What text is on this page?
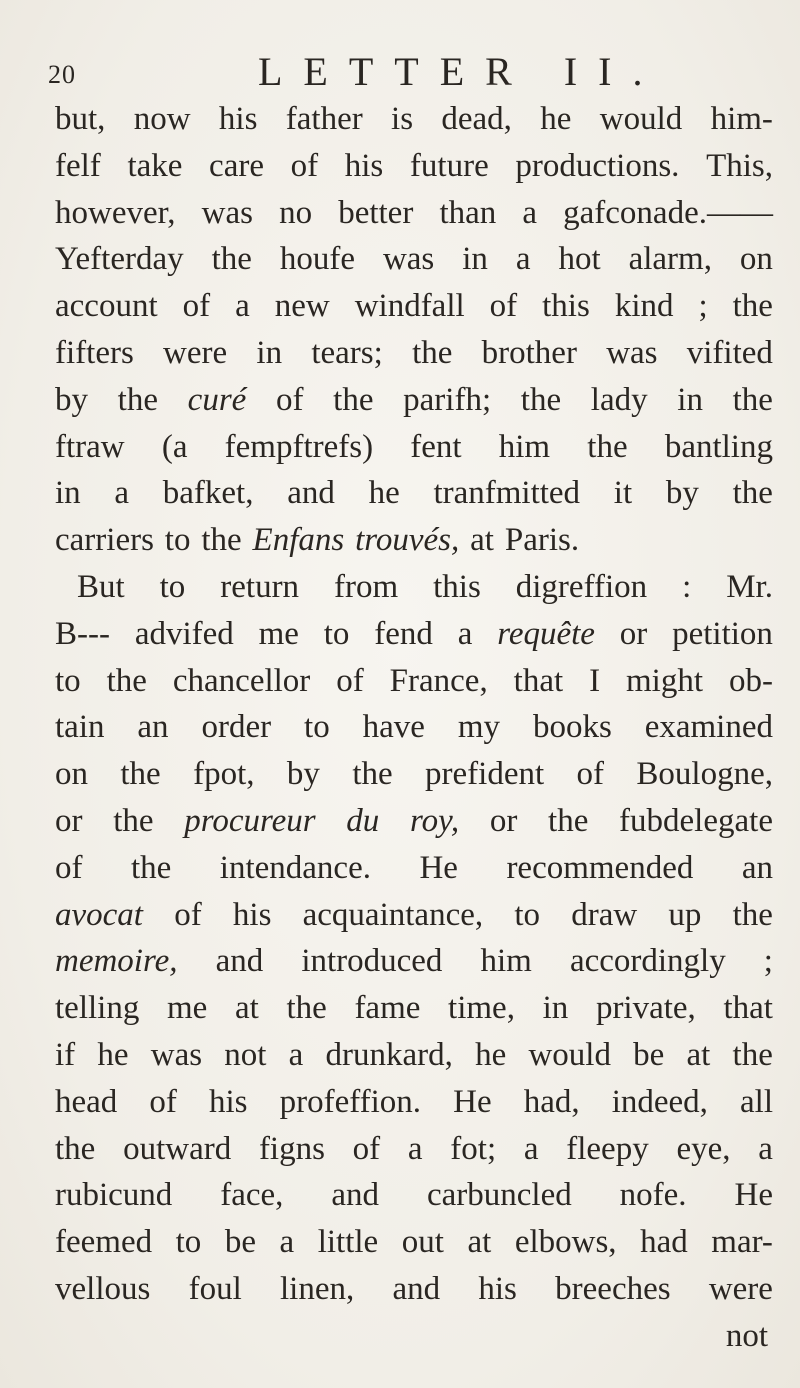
20	LETTER II.
but, now his father is dead, he would him-
felf take care of his future productions. This,
however, was no better than a gafconade.——
Yefterday the houfe was in a hot alarm, on
account of a new windfall of this kind ; the
fifters were in tears; the brother was vifited
by the curé of the parifh; the lady in the
ftraw (a fempftrefs) fent him the bantling
in a bafket, and he tranfmitted it by the
carriers to the Enfans trouvés, at Paris.
But to return from this digreffion : Mr.
B--- advifed me to fend a requête or petition
to the chancellor of France, that I might ob-
tain an order to have my books examined
on the fpot, by the prefident of Boulogne,
or the procureur du roy, or the fubdelegate
of the intendance. He recommended an
avocat of his acquaintance, to draw up the
memoire, and introduced him accordingly ;
telling me at the fame time, in private, that
if he was not a drunkard, he would be at the
head of his profeffion. He had, indeed, all
the outward figns of a fot; a fleepy eye, a
rubicund face, and carbuncled nofe. He
feemed to be a little out at elbows, had mar-
vellous foul linen, and his breeches were
not
